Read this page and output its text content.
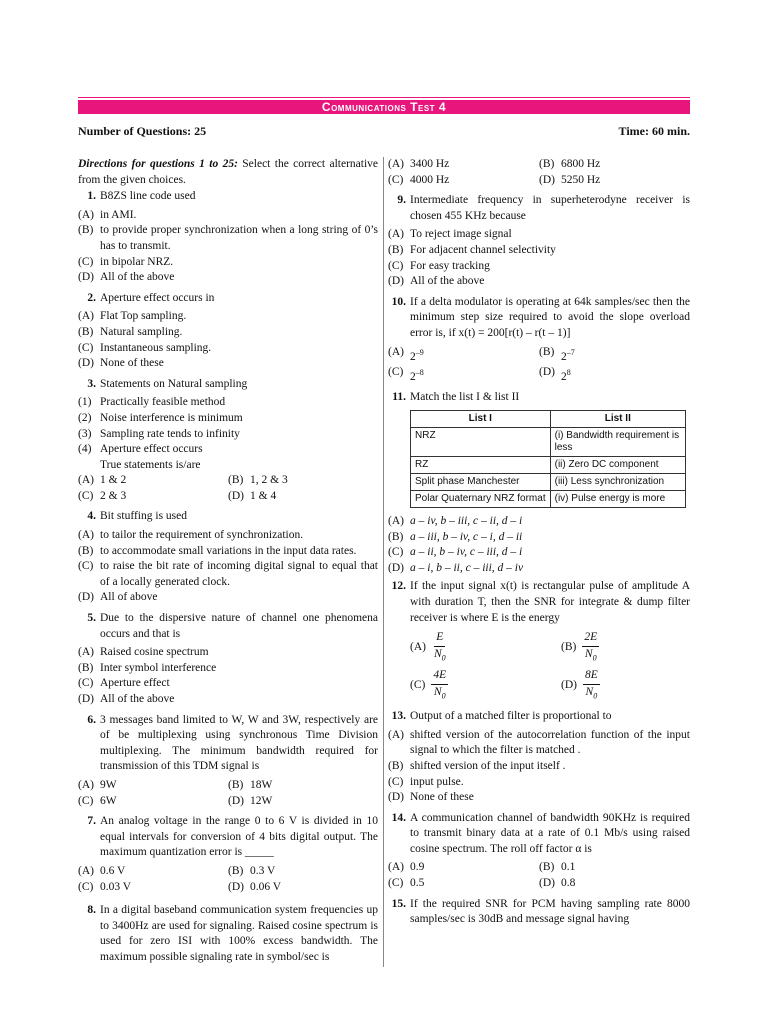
Communications Test 4
Number of Questions: 25	Time: 60 min.
Directions for questions 1 to 25: Select the correct alternative from the given choices.
1. B8ZS line code used
(A) in AMI.
(B) to provide proper synchronization when a long string of 0’s has to transmit.
(C) in bipolar NRZ.
(D) All of the above
2. Aperture effect occurs in
(A) Flat Top sampling.
(B) Natural sampling.
(C) Instantaneous sampling.
(D) None of these
3. Statements on Natural sampling
(1) Practically feasible method
(2) Noise interference is minimum
(3) Sampling rate tends to infinity
(4) Aperture effect occurs
True statements is/are
(A) 1 & 2	(B) 1, 2 & 3
(C) 2 & 3	(D) 1 & 4
4. Bit stuffing is used
(A) to tailor the requirement of synchronization.
(B) to accommodate small variations in the input data rates.
(C) to raise the bit rate of incoming digital signal to equal that of a locally generated clock.
(D) All of above
5. Due to the dispersive nature of channel one phenomena occurs and that is
(A) Raised cosine spectrum
(B) Inter symbol interference
(C) Aperture effect
(D) All of the above
6. 3 messages band limited to W, W and 3W, respectively are of be multiplexing using synchronous Time Division multiplexing. The minimum bandwidth required for transmission of this TDM signal is
(A) 9W	(B) 18W
(C) 6W	(D) 12W
7. An analog voltage in the range 0 to 6 V is divided in 10 equal intervals for conversion of 4 bits digital output. The maximum quantization error is _____
(A) 0.6 V	(B) 0.3 V
(C) 0.03 V	(D) 0.06 V
8. In a digital baseband communication system frequencies up to 3400Hz are used for signaling. Raised cosine spectrum is used for zero ISI with 100% excess bandwidth. The maximum possible signaling rate in symbol/sec is
(A) 3400 Hz	(B) 6800 Hz
(C) 4000 Hz	(D) 5250 Hz
9. Intermediate frequency in superheterodyne receiver is chosen 455 KHz because
(A) To reject image signal
(B) For adjacent channel selectivity
(C) For easy tracking
(D) All of the above
10. If a delta modulator is operating at 64k samples/sec then the minimum step size required to avoid the slope overload error is, if x(t) = 200[r(t) – r(t – 1)]
(A) $2^{-9}$	(B) $2^{-7}$
(C) $2^{-8}$	(D) $2^8$
11. Match the list I & list II
List I	List II
NRZ	(i) Bandwidth requirement is less
RZ	(ii) Zero DC component
Split phase Manchester	(iii) Less synchronization
Polar Quaternary NRZ format	(iv) Pulse energy is more
(A) a – iv, b – iii, c – ii, d – i
(B) a – iii, b – iv, c – i, d – ii
(C) a – ii, b – iv, c – iii, d – i
(D) a – i, b – ii, c – iii, d – iv
12. If the input signal x(t) is rectangular pulse of amplitude A with duration T, then the SNR for integrate & dump filter receiver is where E is the energy
$(A) \frac{E}{N_0}$	$(B) \frac{2E}{N_0}$
$(C) \frac{4E}{N_0}$	$(D) \frac{8E}{N_0}$
13. Output of a matched filter is proportional to
(A) shifted version of the autocorrelation function of the input signal to which the filter is matched .
(B) shifted version of the input itself .
(C) input pulse.
(D) None of these
14. A communication channel of bandwidth 90KHz is required to transmit binary data at a rate of 0.1 Mb/s using raised cosine spectrum. The roll off factor α is
(A) 0.9	(B) 0.1
(C) 0.5	(D) 0.8
15. If the required SNR for PCM having sampling rate 8000 samples/sec is 30dB and message signal having
